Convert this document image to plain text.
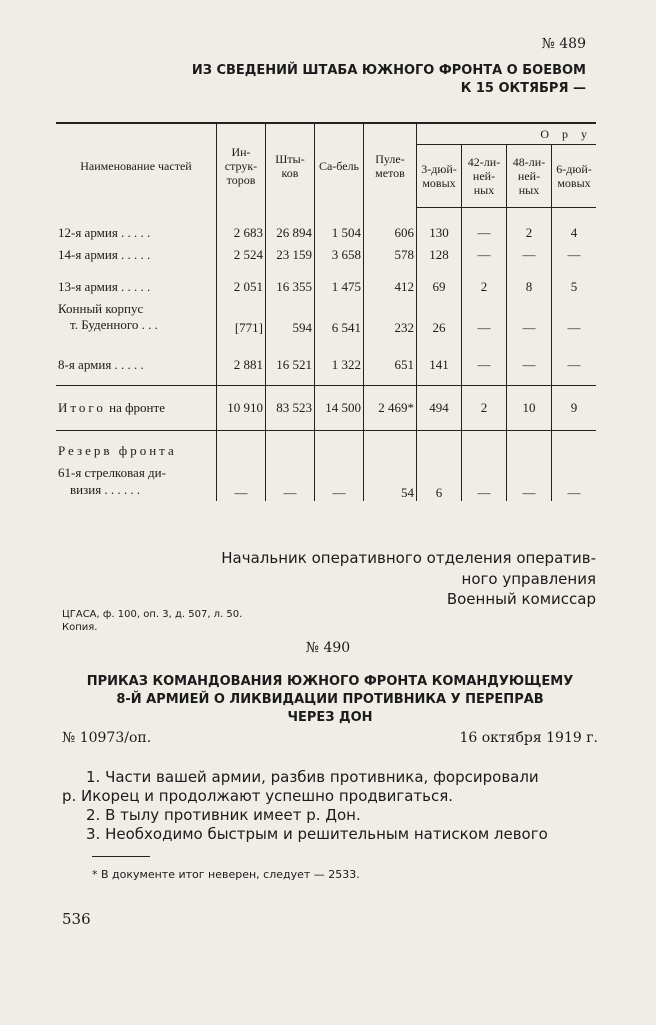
№ 489
ИЗ СВЕДЕНИЙ ШТАБА ЮЖНОГО ФРОНТА О БОЕВОМ
К 15 ОКТЯБРЯ —
Наименование частей	Ин-струк-торов	Шты-ков	Са-бель	Пуле-метов	О р у			
					3-дюй-мовых	42-ли-ней-ных	48-ли-ней-ных	6-дюй-мовых

12-я армия . . . . .	2 683	26 894	1 504	606	130	—	2	4
14-я армия . . . . .	2 524	23 159	3 658	578	128	—	—	—

13-я армия . . . . .	2 051	16 355	1 475	412	69	2	8	5

Конный корпус
т. Буденного . . .	[771]	594	6 541	232	26	—	—	—

8-я армия . . . . .	2 881	16 521	1 322	651	141	—	—	—

Итого на фронте	10 910	83 523	14 500	2 469*	494	2	10	9

Резерв фронта								

61-я стрелковая ди-
визия . . . . . .	—	—	—	54	6	—	—	—
Начальник оперативного отделения оператив-
ного управления
Военный комиссар
ЦГАСА, ф. 100, оп. 3, д. 507, л. 50.
Копия.
№ 490
ПРИКАЗ КОМАНДОВАНИЯ ЮЖНОГО ФРОНТА КОМАНДУЮЩЕМУ
8-Й АРМИЕЙ О ЛИКВИДАЦИИ ПРОТИВНИКА У ПЕРЕПРАВ
ЧЕРЕЗ ДОН
№ 10973/оп.	16 октября 1919 г.
1. Части вашей армии, разбив противника, форсировали
р. Икорец и продолжают успешно продвигаться.
2. В тылу противник имеет р. Дон.
3. Необходимо быстрым и решительным натиском левого
* В документе итог неверен, следует — 2533.
536
